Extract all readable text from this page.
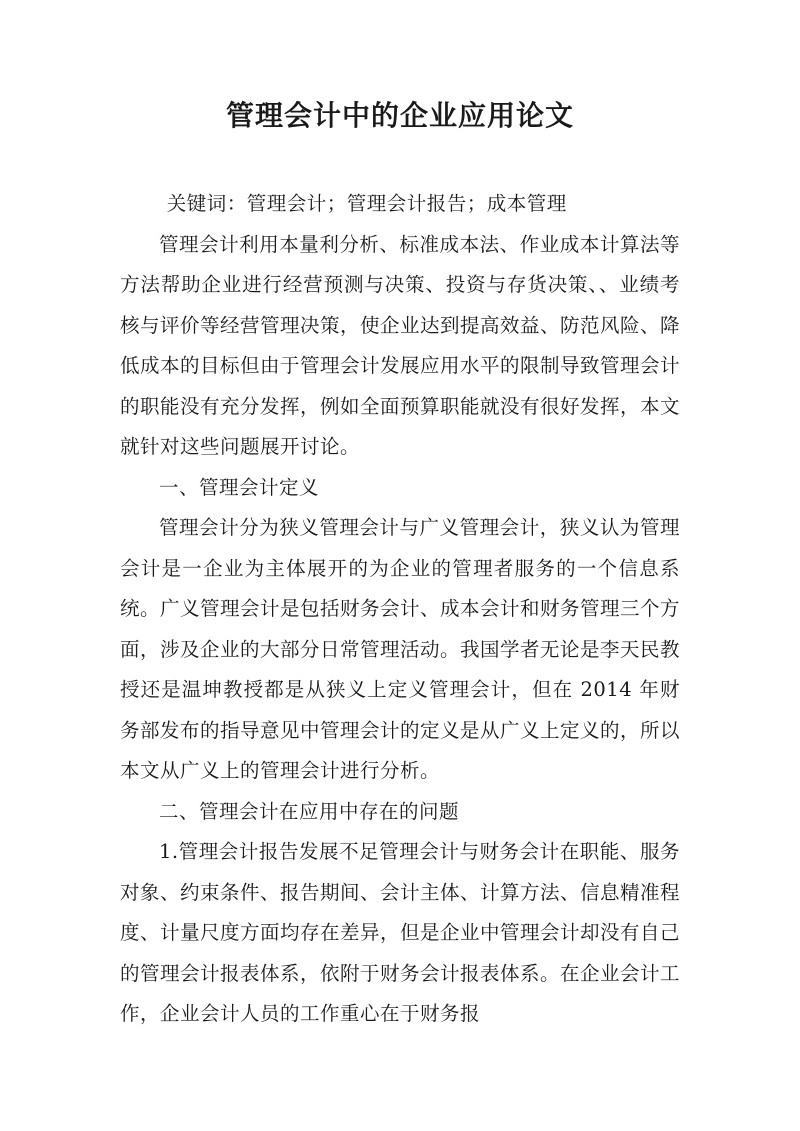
管理会计中的企业应用论文

关键词：管理会计；管理会计报告；成本管理

管理会计利用本量利分析、标准成本法、作业成本计算法等方法帮助企业进行经营预测与决策、投资与存货决策、、业绩考核与评价等经营管理决策，使企业达到提高效益、防范风险、降低成本的目标但由于管理会计发展应用水平的限制导致管理会计的职能没有充分发挥，例如全面预算职能就没有很好发挥，本文就针对这些问题展开讨论。

一、管理会计定义

管理会计分为狭义管理会计与广义管理会计，狭义认为管理会计是一企业为主体展开的为企业的管理者服务的一个信息系统。广义管理会计是包括财务会计、成本会计和财务管理三个方面，涉及企业的大部分日常管理活动。我国学者无论是李天民教授还是温坤教授都是从狭义上定义管理会计，但在 2014 年财务部发布的指导意见中管理会计的定义是从广义上定义的，所以本文从广义上的管理会计进行分析。

二、管理会计在应用中存在的问题

1.管理会计报告发展不足管理会计与财务会计在职能、服务对象、约束条件、报告期间、会计主体、计算方法、信息精准程度、计量尺度方面均存在差异，但是企业中管理会计却没有自己的管理会计报表体系，依附于财务会计报表体系。在企业会计工作，企业会计人员的工作重心在于财务报
